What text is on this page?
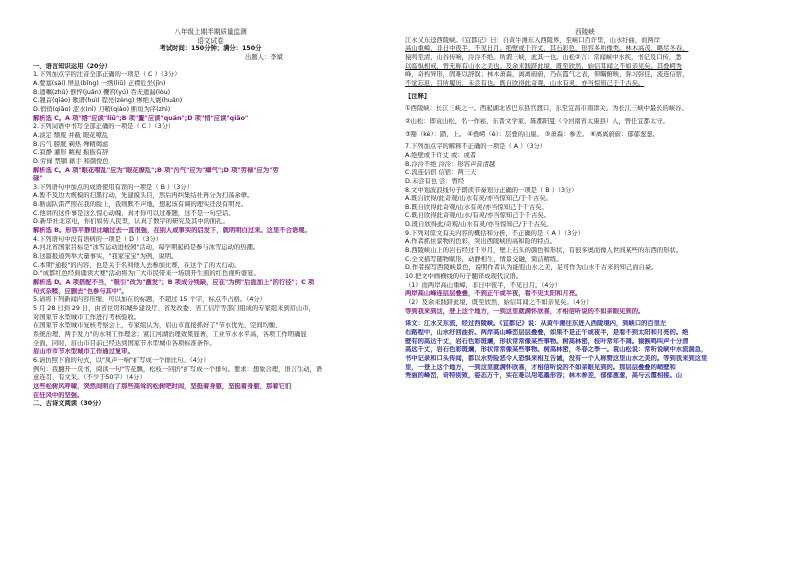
八年级上期半期质量监测
语文试卷
考试时间：150分钟；满分：150分
出题人：李斌
一、语言知识运用（20分）
1.下列加点字的注音全部正确的一项是（ C ）（3分）
A.要塞(sài) 屏息(bǐng) 一绺(liǔ) 正襟危坐(jīn)
B.遗嘱(zhǔ) 憔悴(juǎn) 鞭笞(yú) 吞无遗漏(lòu)
C.翘首(qiáo) 歌谱(huì) 锃亮(zèng) 惨绝人寰(huán)
D.悄悄(qiāo) 涩水(nì) 刀鞘(qiào) 断垣为序(zhì)
解析选 C。A 项"绺"应读"liǔ";B 项"鳌"应读"quán";D 项"悄"应读"qiāo"
2.下列词语中书写全部正确的一项是（ C ）（3分）
A.淡定 颓废 井截 眼花嘹乱
B.污气 膀胱 剃热 殚精竭虑
C.寂静 灌形 眺视 振振有辞
D.劳禄 禁锢 藉手 和颜悦色
解析选 C。A 项"眼花嘹乱"应为"眼花缭乱";B 项"污气"应为"瘴气";D 项"劳禄"应为"劳
碌"
3.下列语句中加点的成语使用有误的一项是（ B ）（3分）
A.暂不及边大规模的扫黑行动，先建摸头目，然后再纠集结社再分为扫荡余孽。
B.断弱队雷严照在我的脸上，我则默不声地，想起该有调的理实还没有明亮。
C.他讲的这件事是这么惊心动魄，真才你可以过难题，这不是一句空话。
D.新华社北京电，你们如传人民里，认真了数字的研究及其中的面孔。
解析选 B。形容平静里比喻过去一直很强，在别人或事实的启发下，就明明白过来。这里不合语境。
4.下列语句中没有语病的一项是（ D ）（3分）
A.河北省国家目标是"冰雪运动进校园"活动，每学期起码是参与冰雪运动的热潮。
B.这篇报道列举大量事实，"我家宝宝"为例，说明。
C.本期"通报"的内容，也是关于名利他人去参加比赛，在这个了的大行动。
D."成都红色经典诵读大赛"活动将为广大市民带来一场别开生面的红色视听盛宴。
解析选 D。A 项搭配不当，"吸引"改为"激发"；B 项成分残缺，应在"为例"后面加上"的行径"；C 项
句式杂糅，应删去"也参与其中"。
5.请将下列新闻内容压缩，可以加在的标题，不超过 15 个字，标点不占格。（4分）
5 月 28 日到 29 日，由省住房和城乡建设厅、省发改委、省工信厅等部门组成的专家组来到眉山市，
对国家节水型城市工作进行考核验收。
在国家节水型城市复核考察会上，专家组认为，眉山市直接抓好了"节水优先、空间均衡、
系统治理、两手发力"的水利工作理念；紧江河湖治理效果显著，工业节水水平高，各项工作明确显
全面，同时，眉山市目前已经达到国家节水型城市各项标准条件。
眉山市市节水型城市工作通过复审。
6.请仿照下面的句式，以"凤声一响"扩写成一个排比句。（4分）
例句：我翻开一页书，阅读一句"雪花飘，松枝一同扔"扩写成一个排句。要求：想象合理，语言生动，语
意连贯、有文采。（不少于50字）（4分）
这些松树风呼啸，突然间明白了那些高耸的松树吧时间，坚挺着身躯，坚挺着身躯，那着它们
在狂风中的坚强。
二、古诗文阅读（30分）
西陵峡
江水又东迳西陵峡。《宜都记》曰：自黄牛滩东入西陵界，至峡口百许里，山水纡曲，而两岸
高山重嶂，非日中夜半，不见日月。绝壁或千许丈，其石彩色，形容多所像类。林木高茂，略尽冬春。
猿鸣至清，山谷传响，泠泠不绝。所谓三峡，此其一也。山松②言：常闻峡中水疾，书记及口传，悉
以临惧相戒，曾无称有山水之美也。及余来践跻此境，既至欣然，始信耳闻之不如亲见矣。其叠崿秀
峰，奇构异形，固难以辞叙；林木萧森，离离蔚蔚，乃在霞气之表，仰瞩俯映，弥习弥佳，流连信宿，
不觉忘返，目所履历，未尝有也。既自欣得此奇观，山水有灵，亦当惊知己于千古矣。
【注释】
①西陵峡：长江三峡之一。西起湖北省巴东县官渡口，东至宜昌市南津关。为长江三峡中最长的峡谷。
②山松：即袁山松，名一作崧，东晋文学家，陈郡阳夏（今河南省太康县）人，曾任宜都太守。
③豁（ké）：踏，上。 ④叠崿（è）：层叠的山崖。 ⑤萧森：参差。 ⑥离离蔚蔚：郁郁葱葱。
7.下列加点字的解释不正确的一项是（ A ）（3分）
A.绝壁或千许丈 或：或者
B.泠泠不绝 泠泠：形容声音清越
C.流连信宿 信宿：两三天
D.未尝有也 尝：曾经
8.文中划波浪线句子朗读节奏划分正确的一项是（ B ）（3分）
A.既自欣得/此奇观/山水有灵/亦当惊知己/于千古矣。
B.既自欣得此奇观/山水有灵/亦当惊知己于千古矣。
C.既自欣得此奇观/山水/有灵/亦当惊知己于千古矣。
D.既自欣得此/奇观/山水有灵/亦当惊知己/于千古矣。
9.下列对原文有关内容的概括和分析，不正确的是（ A ）（3分）
A.作者抓住景物的色彩，突出西陵峡的高和险的特点。
B.西陵峡山上的岩石经过千岁月，壁上石头的颜色和形状，有很多奥而像人世间某些的东西的形状。
C.全文描写随物赋形，动静相生，情景交融，简洁精练。
D.作者描写西陵峡景色，说明作者认为能饱山水之美，足可作为山水千古来的知己而自豪。
10.把文中画横线的句子翻译成现代汉语。
（1）而两岸高山重嶂，非日中夜半，不见日月。（4分）
两岸高山峰连层层叠叠，不到正午或半夜，看不见太阳和月亮。
（2）及余来践跻此境，既至欣然，始信耳闻之不如亲见矣。（4分）
等到我来到这，登上这个地方，一到这里就满怀欣喜，才相信听说的不如亲眼见到的。
译文：江水又东流，经过西陵峡。《宜都记》说：从黄牛滩往东进入西陵境内，到峡口的百里左
右路程中，山水纡回曲折。两岸高山峰峦层层叠叠，如果不是正午或夜半，是看不到太阳和月亮的。绝
壁有的高达千丈，岩石色彩斑斓，形状常常像某些事物。树高林密，枝叶常年不凋。猿猴鸣叫声十分清
高远千丈，岩石色彩斑斓，形状常常像某些事物。树高林密，冬春之季一。袁山松说：常听说峡中水流湍急，
书中记录和口头传闻，都以水势险恶令人恐惧来相互告诫，没有一个人称赞这里山水之美的。等到我来到这里
里，一登上这个地方，一到这里就满怀欣喜，才相信听说的不如亲眼见到的。那层层叠叠的峭壁和
秀丽的峰峦，奇特别致，姿态万千，实在难以用笔墨形容；林木参差，郁郁葱葱，高与云霞相接。山
